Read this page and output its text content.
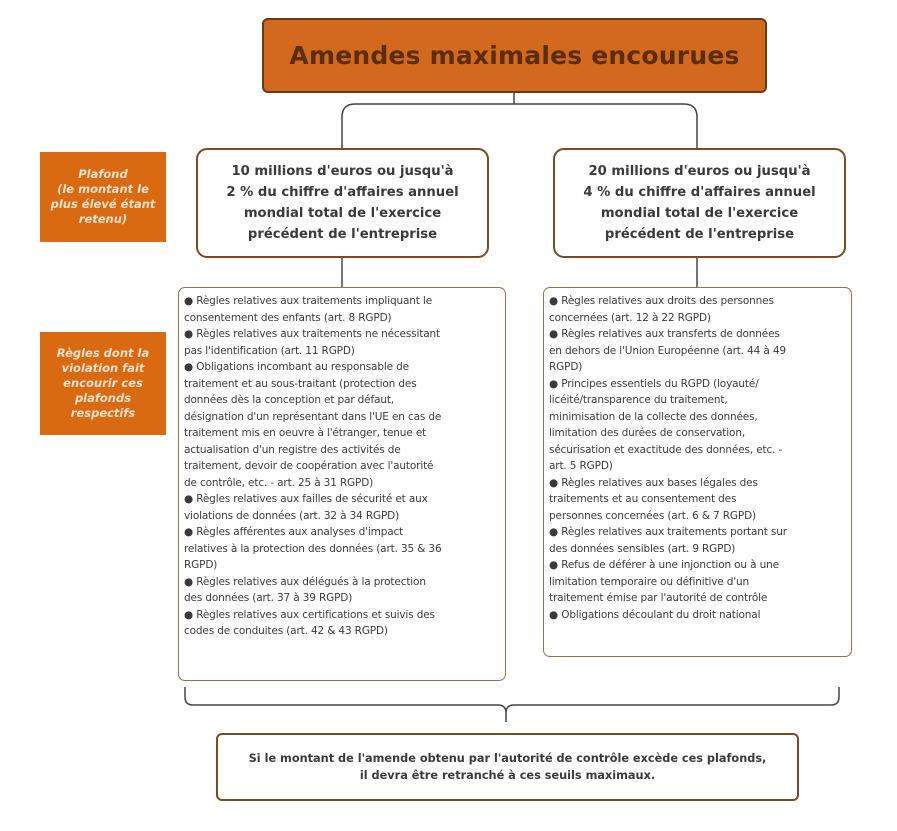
Amendes maximales encourues
Plafond
(le montant le
plus élevé étant
retenu)
Règles dont la
violation fait
encourir ces
plafonds
respectifs
10 millions d'euros ou jusqu'à
2 % du chiffre d'affaires annuel
mondial total de l'exercice
précédent de l'entreprise
20 millions d'euros ou jusqu'à
4 % du chiffre d'affaires annuel
mondial total de l'exercice
précédent de l'entreprise

● Règles relatives aux traitements impliquant le
consentement des enfants (art. 8 RGPD)

● Règles relatives aux traitements ne nécessitant
pas l'identification (art. 11 RGPD)

● Obligations incombant au responsable de
traitement et au sous-traitant (protection des
données dès la conception et par défaut,
désignation d'un représentant dans l'UE en cas de
traitement mis en oeuvre à l'étranger, tenue et
actualisation d'un registre des activités de
traitement, devoir de coopération avec l'autorité
de contrôle, etc. - art. 25 à 31 RGPD)

● Règles relatives aux failles de sécurité et aux
violations de données (art. 32 à 34 RGPD)

● Règles afférentes aux analyses d'impact
relatives à la protection des données (art. 35 & 36
RGPD)

● Règles relatives aux délégués à la protection
des données (art. 37 à 39 RGPD)

● Règles relatives aux certifications et suivis des
codes de conduites (art. 42 & 43 RGPD)

● Règles relatives aux droits des personnes
concernées (art. 12 à 22 RGPD)

● Règles relatives aux transferts de données
en dehors de l'Union Européenne (art. 44 à 49
RGPD)

● Principes essentiels du RGPD (loyauté/
licéité/transparence du traitement,
minimisation de la collecte des données,
limitation des durées de conservation,
sécurisation et exactitude des données, etc. -
art. 5 RGPD)

● Règles relatives aux bases légales des
traitements et au consentement des
personnes concernées (art. 6 & 7 RGPD)

● Règles relatives aux traitements portant sur
des données sensibles (art. 9 RGPD)

● Refus de déférer à une injonction ou à une
limitation temporaire ou définitive d'un
traitement émise par l'autorité de contrôle

● Obligations découlant du droit national

Si le montant de l'amende obtenu par l'autorité de contrôle excède ces plafonds,
il devra être retranché à ces seuils maximaux.
